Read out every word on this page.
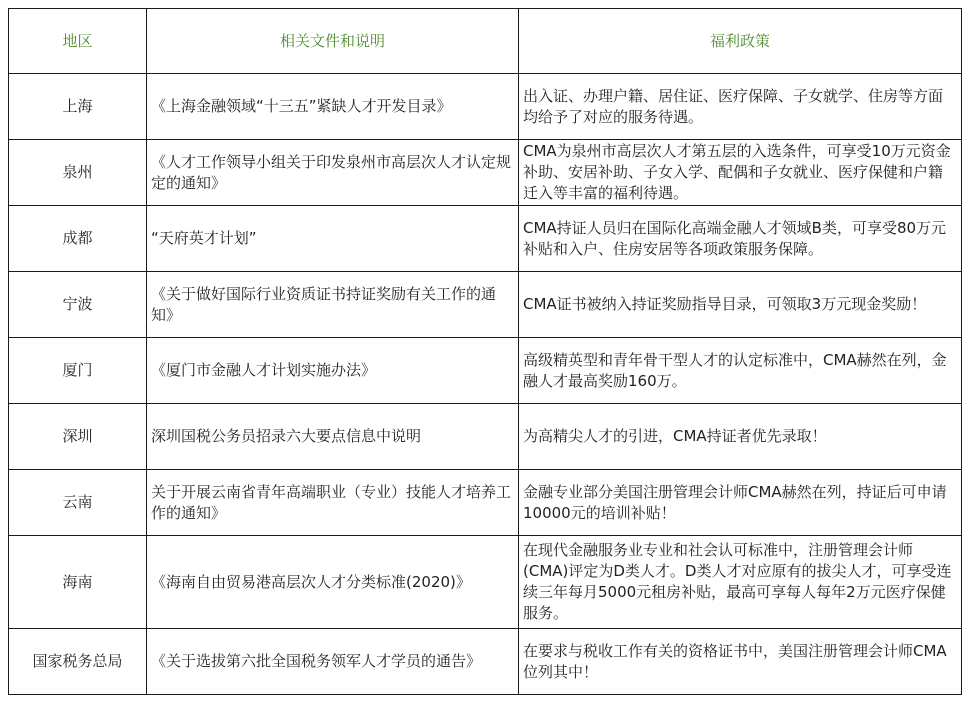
地区	相关文件和说明	福利政策
上海	《上海金融领域“十三五”紧缺人才开发目录》	出入证、办理户籍、居住证、医疗保障、子女就学、住房等方面均给予了对应的服务待遇。
泉州	《人才工作领导小组关于印发泉州市高层次人才认定规定的通知》	CMA为泉州市高层次人才第五层的入选条件，可享受10万元资金补助、安居补助、子女入学、配偶和子女就业、医疗保健和户籍迁入等丰富的福利待遇。
成都	“天府英才计划”	CMA持证人员归在国际化高端金融人才领域B类，可享受80万元补贴和入户、住房安居等各项政策服务保障。
宁波	《关于做好国际行业资质证书持证奖励有关工作的通知》	CMA证书被纳入持证奖励指导目录，可领取3万元现金奖励！
厦门	《厦门市金融人才计划实施办法》	高级精英型和青年骨干型人才的认定标准中，CMA赫然在列，金融人才最高奖励160万。
深圳	深圳国税公务员招录六大要点信息中说明	为高精尖人才的引进，CMA持证者优先录取！
云南	关于开展云南省青年高端职业（专业）技能人才培养工作的通知》	金融专业部分美国注册管理会计师CMA赫然在列，持证后可申请10000元的培训补贴！
海南	《海南自由贸易港高层次人才分类标准(2020)》	在现代金融服务业专业和社会认可标准中，注册管理会计师(CMA)评定为D类人才。D类人才对应原有的拔尖人才，可享受连续三年每月5000元租房补贴，最高可享每人每年2万元医疗保健服务。
国家税务总局	《关于选拔第六批全国税务领军人才学员的通告》	在要求与税收工作有关的资格证书中，美国注册管理会计师CMA位列其中！
